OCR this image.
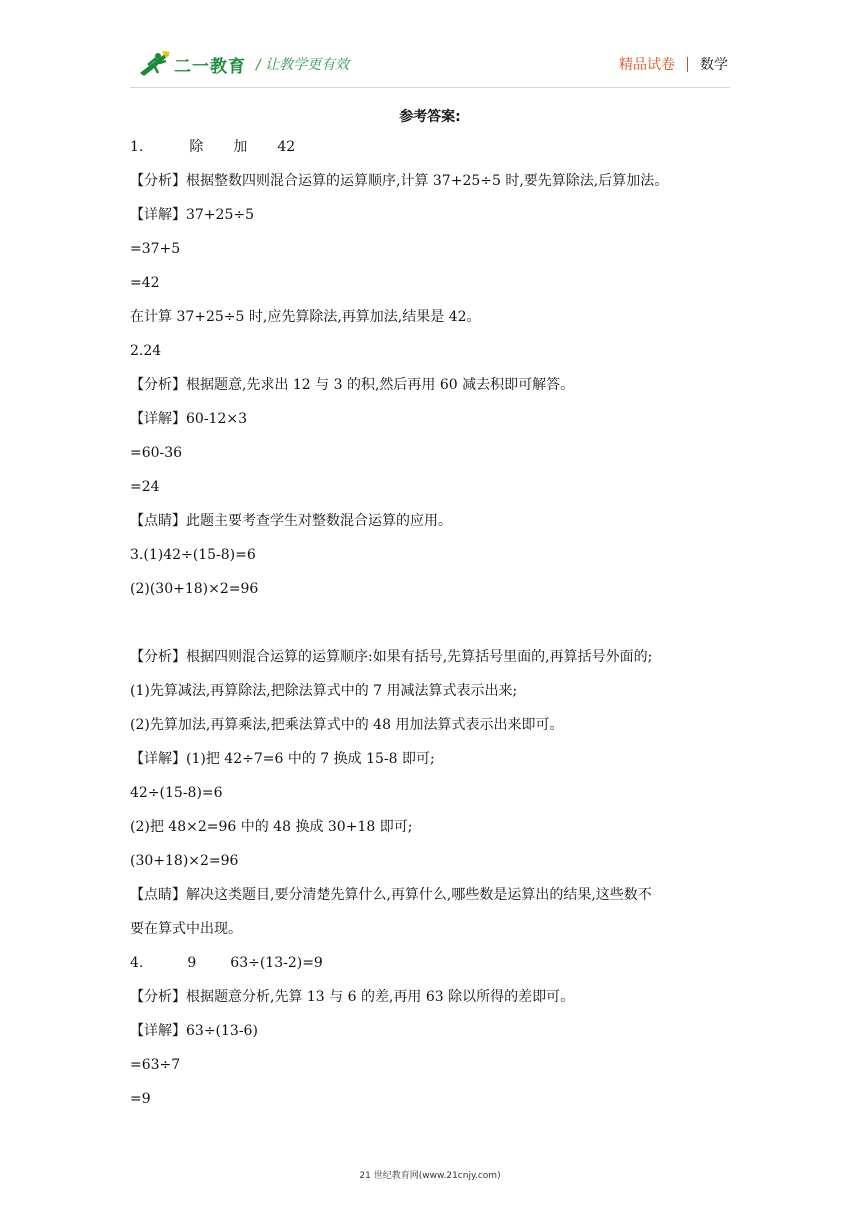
二一教育 / 让教学更有效	精品试卷 数学
参考答案:
1.	除 加 42
【分析】根据整数四则混合运算的运算顺序,计算 37+25÷5 时,要先算除法,后算加法。
【详解】37+25÷5
=37+5
=42
在计算 37+25÷5 时,应先算除法,再算加法,结果是 42。
2.24
【分析】根据题意,先求出 12 与 3 的积,然后再用 60 减去积即可解答。
【详解】60-12×3
=60-36
=24
【点睛】此题主要考查学生对整数混合运算的应用。
3.(1)42÷(15-8)=6
(2)(30+18)×2=96
【分析】根据四则混合运算的运算顺序:如果有括号,先算括号里面的,再算括号外面的;
(1)先算减法,再算除法,把除法算式中的 7 用减法算式表示出来;
(2)先算加法,再算乘法,把乘法算式中的 48 用加法算式表示出来即可。
【详解】(1)把 42÷7=6 中的 7 换成 15-8 即可;
42÷(15-8)=6
(2)把 48×2=96 中的 48 换成 30+18 即可;
(30+18)×2=96
【点睛】解决这类题目,要分清楚先算什么,再算什么,哪些数是运算出的结果,这些数不
要在算式中出现。
4.	9 63÷(13-2)=9
【分析】根据题意分析,先算 13 与 6 的差,再用 63 除以所得的差即可。
【详解】63÷(13-6)
=63÷7
=9
21 世纪教育网(www.21cnjy.com)
